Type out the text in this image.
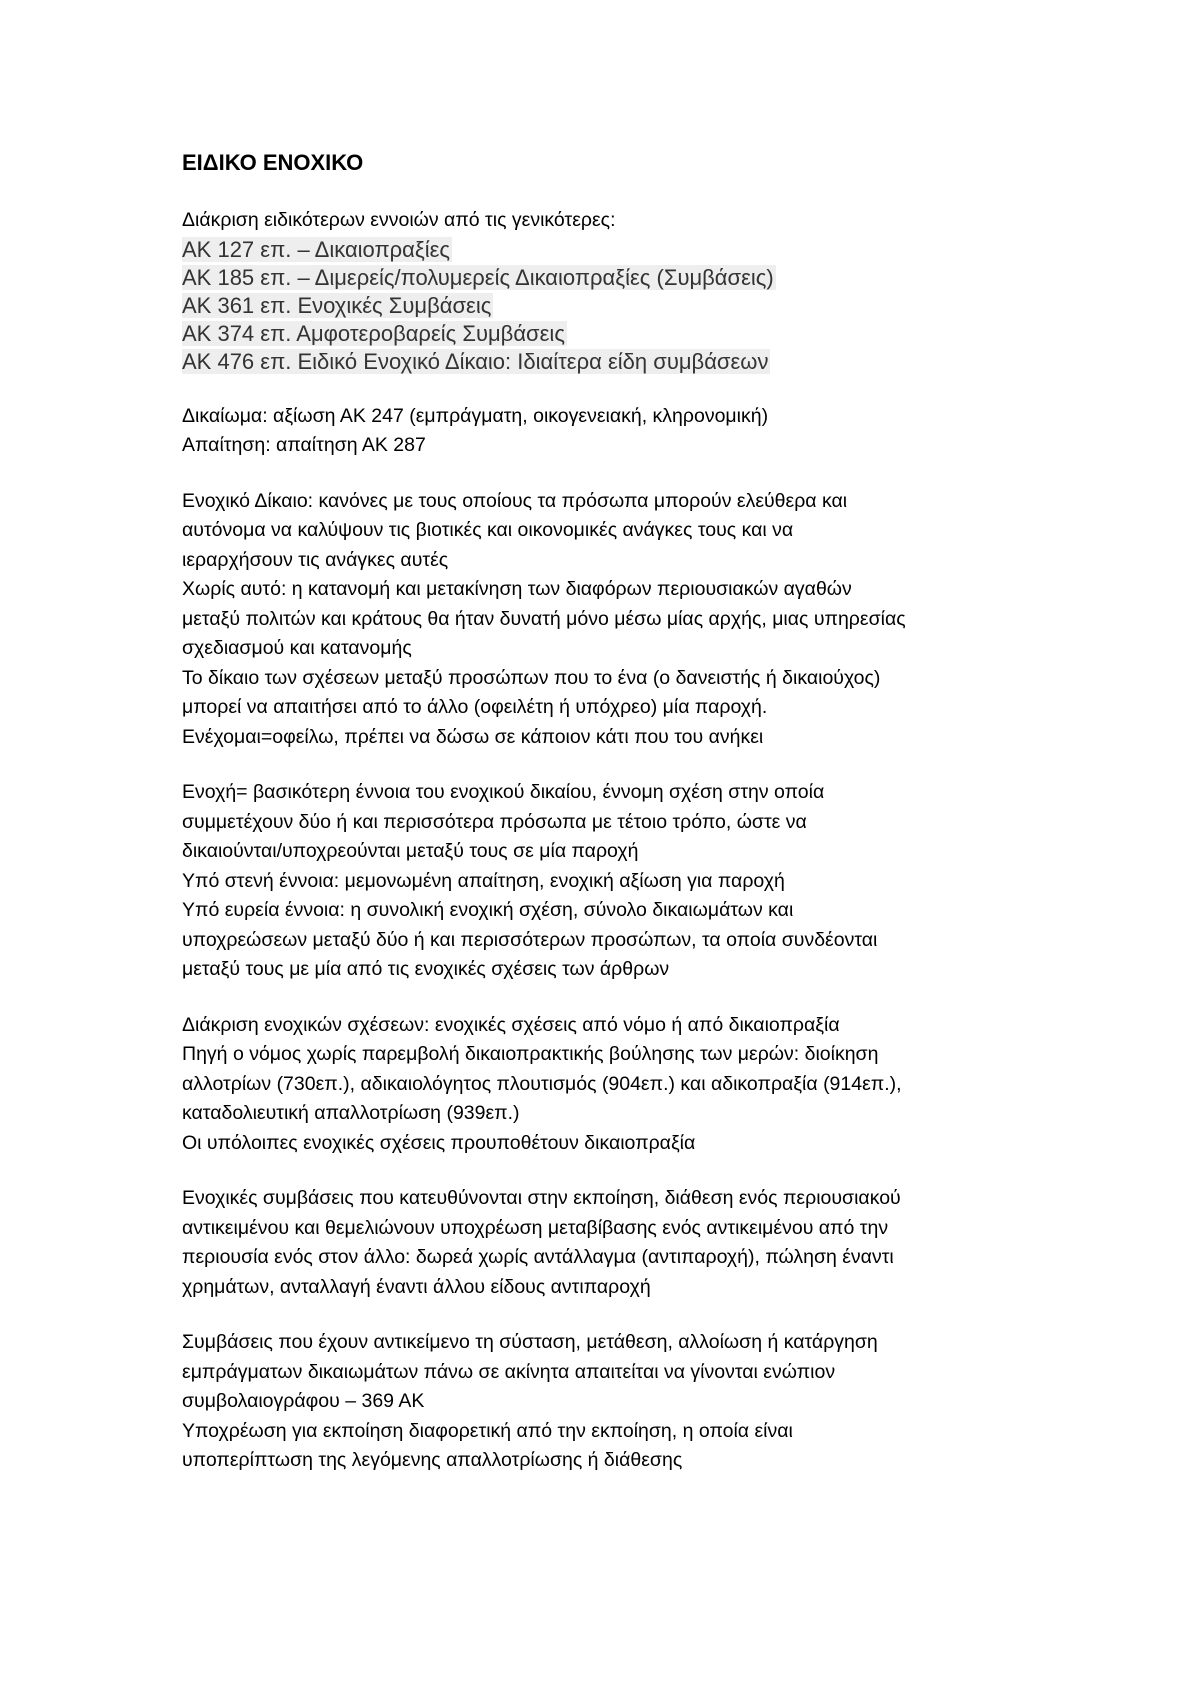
ΕΙΔΙΚΟ ΕΝΟΧΙΚΟ
Διάκριση ειδικότερων εννοιών από τις γενικότερες:
ΑΚ 127 επ. – Δικαιοπραξίες
ΑΚ 185 επ. – Διμερείς/πολυμερείς Δικαιοπραξίες (Συμβάσεις)
ΑΚ 361 επ. Ενοχικές Συμβάσεις
ΑΚ 374 επ. Αμφοτεροβαρείς Συμβάσεις
ΑΚ 476 επ. Ειδικό Ενοχικό Δίκαιο: Ιδιαίτερα είδη συμβάσεων
Δικαίωμα: αξίωση ΑΚ 247 (εμπράγματη, οικογενειακή, κληρονομική)
Απαίτηση: απαίτηση ΑΚ 287
Ενοχικό Δίκαιο: κανόνες με τους οποίους τα πρόσωπα μπορούν ελεύθερα και
αυτόνομα να καλύψουν τις βιοτικές και οικονομικές ανάγκες τους και να
ιεραρχήσουν τις ανάγκες αυτές
Χωρίς αυτό: η κατανομή και μετακίνηση των διαφόρων περιουσιακών αγαθών
μεταξύ πολιτών και κράτους θα ήταν δυνατή μόνο μέσω μίας αρχής, μιας υπηρεσίας
σχεδιασμού και κατανομής
Το δίκαιο των σχέσεων μεταξύ προσώπων που το ένα (ο δανειστής ή δικαιούχος)
μπορεί να απαιτήσει από το άλλο (οφειλέτη ή υπόχρεο) μία παροχή.
Ενέχομαι=οφείλω, πρέπει να δώσω σε κάποιον κάτι που του ανήκει
Ενοχή= βασικότερη έννοια του ενοχικού δικαίου, έννομη σχέση στην οποία
συμμετέχουν δύο ή και περισσότερα πρόσωπα με τέτοιο τρόπο, ώστε να
δικαιούνται/υποχρεούνται μεταξύ τους σε μία παροχή
Υπό στενή έννοια: μεμονωμένη απαίτηση, ενοχική αξίωση για παροχή
Υπό ευρεία έννοια: η συνολική ενοχική σχέση, σύνολο δικαιωμάτων και
υποχρεώσεων μεταξύ δύο ή και περισσότερων προσώπων, τα οποία συνδέονται
μεταξύ τους με μία από τις ενοχικές σχέσεις των άρθρων
Διάκριση ενοχικών σχέσεων: ενοχικές σχέσεις από νόμο ή από δικαιοπραξία
Πηγή ο νόμος χωρίς παρεμβολή δικαιοπρακτικής βούλησης των μερών: διοίκηση
αλλοτρίων (730επ.), αδικαιολόγητος πλουτισμός (904επ.) και αδικοπραξία (914επ.),
καταδολιευτική απαλλοτρίωση (939επ.)
Οι υπόλοιπες ενοχικές σχέσεις προυποθέτουν δικαιοπραξία
Ενοχικές συμβάσεις που κατευθύνονται στην εκποίηση, διάθεση ενός περιουσιακού
αντικειμένου και θεμελιώνουν υποχρέωση μεταβίβασης ενός αντικειμένου από την
περιουσία ενός στον άλλο: δωρεά χωρίς αντάλλαγμα (αντιπαροχή), πώληση έναντι
χρημάτων, ανταλλαγή έναντι άλλου είδους αντιπαροχή
Συμβάσεις που έχουν αντικείμενο τη σύσταση, μετάθεση, αλλοίωση ή κατάργηση
εμπράγματων δικαιωμάτων πάνω σε ακίνητα απαιτείται να γίνονται ενώπιον
συμβολαιογράφου – 369 ΑΚ
Υποχρέωση για εκποίηση διαφορετική από την εκποίηση, η οποία είναι
υποπερίπτωση της λεγόμενης απαλλοτρίωσης ή διάθεσης
